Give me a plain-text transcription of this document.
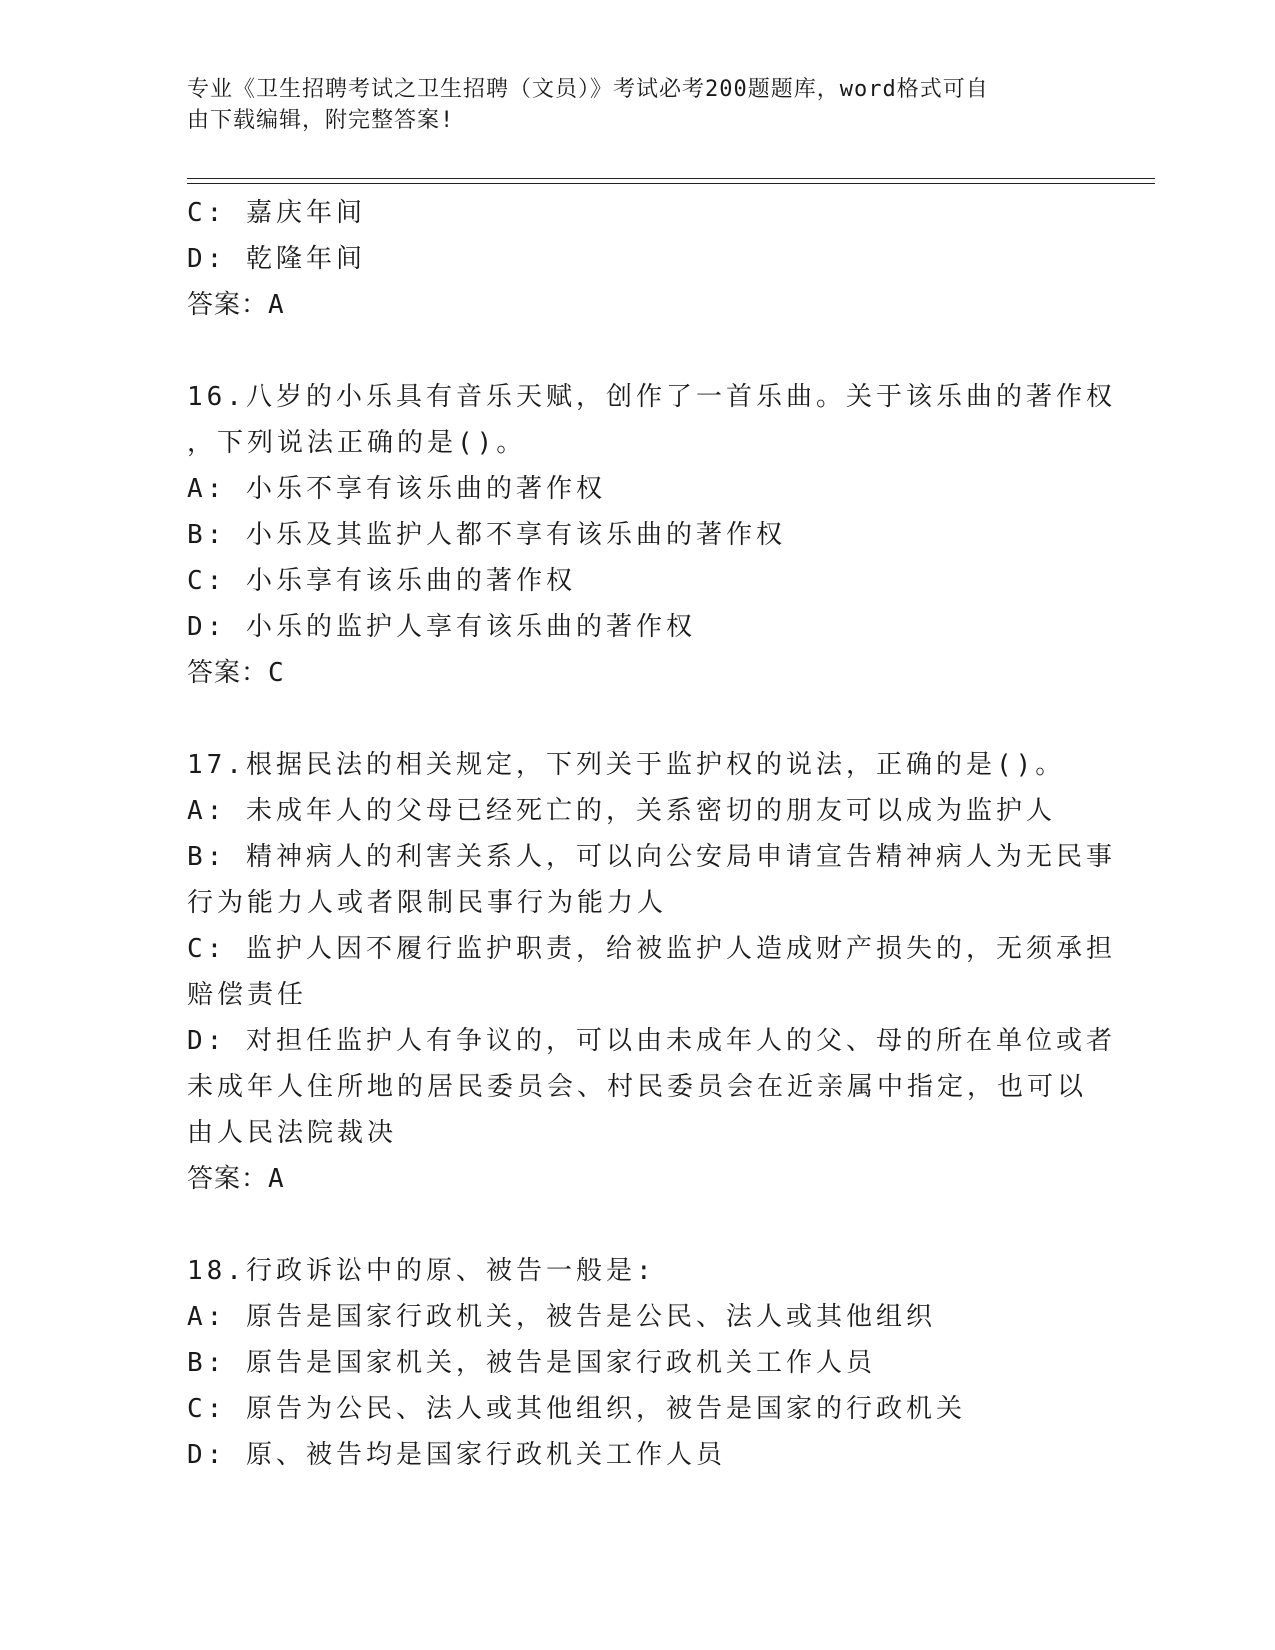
专业《卫生招聘考试之卫生招聘（文员）》考试必考200题题库，word格式可自
由下载编辑，附完整答案!
C: 嘉庆年间
D: 乾隆年间
答案：A
16.八岁的小乐具有音乐天赋，创作了一首乐曲。关于该乐曲的著作权
，下列说法正确的是()。
A: 小乐不享有该乐曲的著作权
B: 小乐及其监护人都不享有该乐曲的著作权
C: 小乐享有该乐曲的著作权
D: 小乐的监护人享有该乐曲的著作权
答案：C
17.根据民法的相关规定，下列关于监护权的说法，正确的是()。
A: 未成年人的父母已经死亡的，关系密切的朋友可以成为监护人
B: 精神病人的利害关系人，可以向公安局申请宣告精神病人为无民事
行为能力人或者限制民事行为能力人
C: 监护人因不履行监护职责，给被监护人造成财产损失的，无须承担
赔偿责任
D: 对担任监护人有争议的，可以由未成年人的父、母的所在单位或者
未成年人住所地的居民委员会、村民委员会在近亲属中指定，也可以
由人民法院裁决
答案：A
18.行政诉讼中的原、被告一般是:
A: 原告是国家行政机关，被告是公民、法人或其他组织
B: 原告是国家机关，被告是国家行政机关工作人员
C: 原告为公民、法人或其他组织，被告是国家的行政机关
D: 原、被告均是国家行政机关工作人员
